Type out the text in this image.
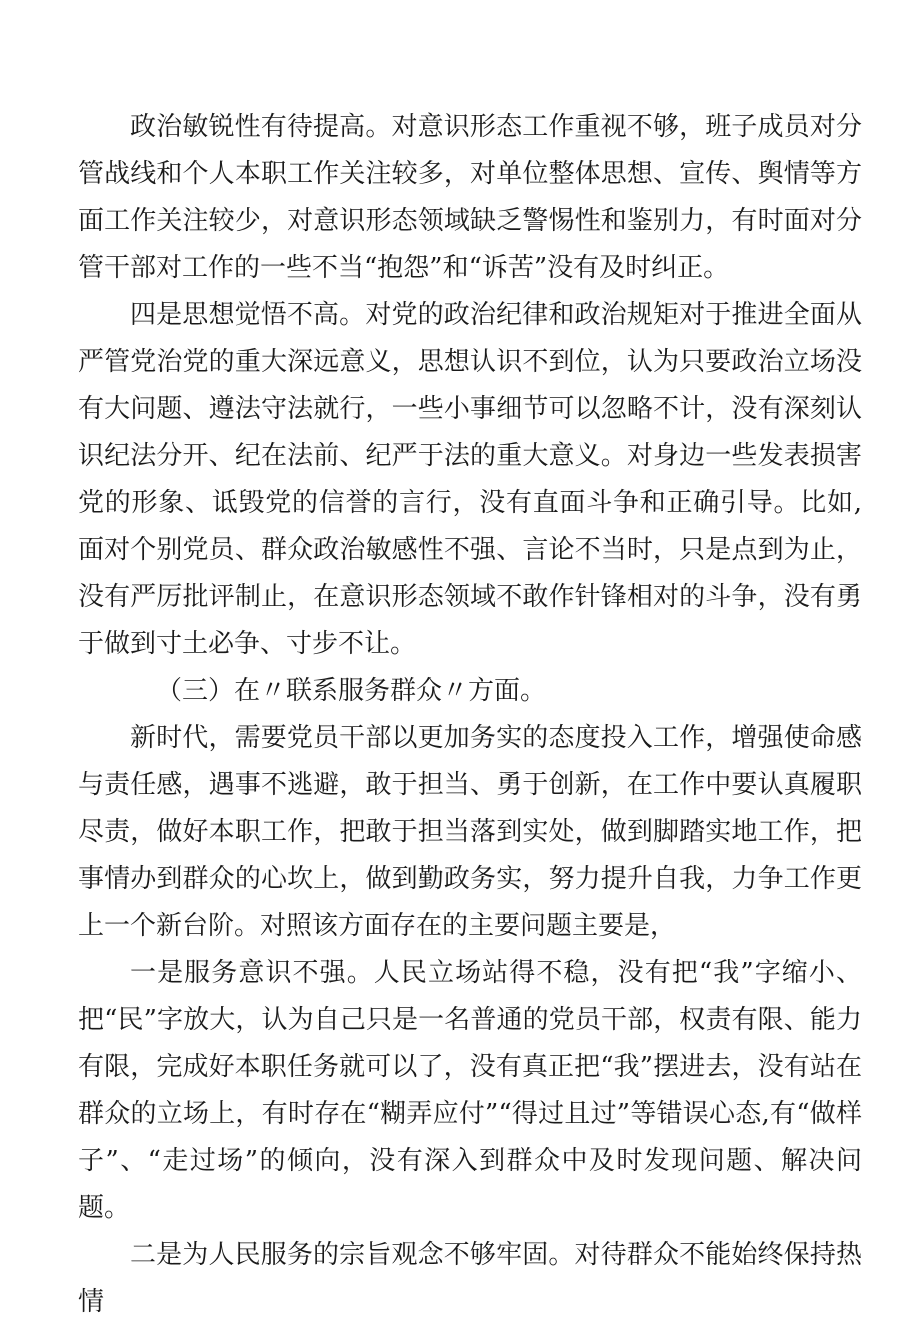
政治敏锐性有待提高。对意识形态工作重视不够，班子成员对分管战线和个人本职工作关注较多，对单位整体思想、宣传、舆情等方面工作关注较少，对意识形态领域缺乏警惕性和鉴别力，有时面对分管干部对工作的一些不当“抱怨”和“诉苦”没有及时纠正。

四是思想觉悟不高。对党的政治纪律和政治规矩对于推进全面从严管党治党的重大深远意义，思想认识不到位，认为只要政治立场没有大问题、遵法守法就行，一些小事细节可以忽略不计，没有深刻认识纪法分开、纪在法前、纪严于法的重大意义。对身边一些发表损害党的形象、诋毁党的信誉的言行，没有直面斗争和正确引导。比如,面对个别党员、群众政治敏感性不强、言论不当时，只是点到为止，没有严厉批评制止，在意识形态领域不敢作针锋相对的斗争，没有勇于做到寸土必争、寸步不让。

（三）在〃联系服务群众〃方面。

新时代，需要党员干部以更加务实的态度投入工作，增强使命感与责任感，遇事不逃避，敢于担当、勇于创新，在工作中要认真履职尽责，做好本职工作，把敢于担当落到实处，做到脚踏实地工作，把事情办到群众的心坎上，做到勤政务实，努力提升自我，力争工作更上一个新台阶。对照该方面存在的主要问题主要是，

一是服务意识不强。人民立场站得不稳，没有把“我”字缩小、把“民”字放大，认为自己只是一名普通的党员干部，权责有限、能力有限，完成好本职任务就可以了，没有真正把“我”摆进去，没有站在群众的立场上，有时存在“糊弄应付”“得过且过”等错误心态,有“做样子”、“走过场”的倾向，没有深入到群众中及时发现问题、解决问题。

二是为人民服务的宗旨观念不够牢固。对待群众不能始终保持热情
